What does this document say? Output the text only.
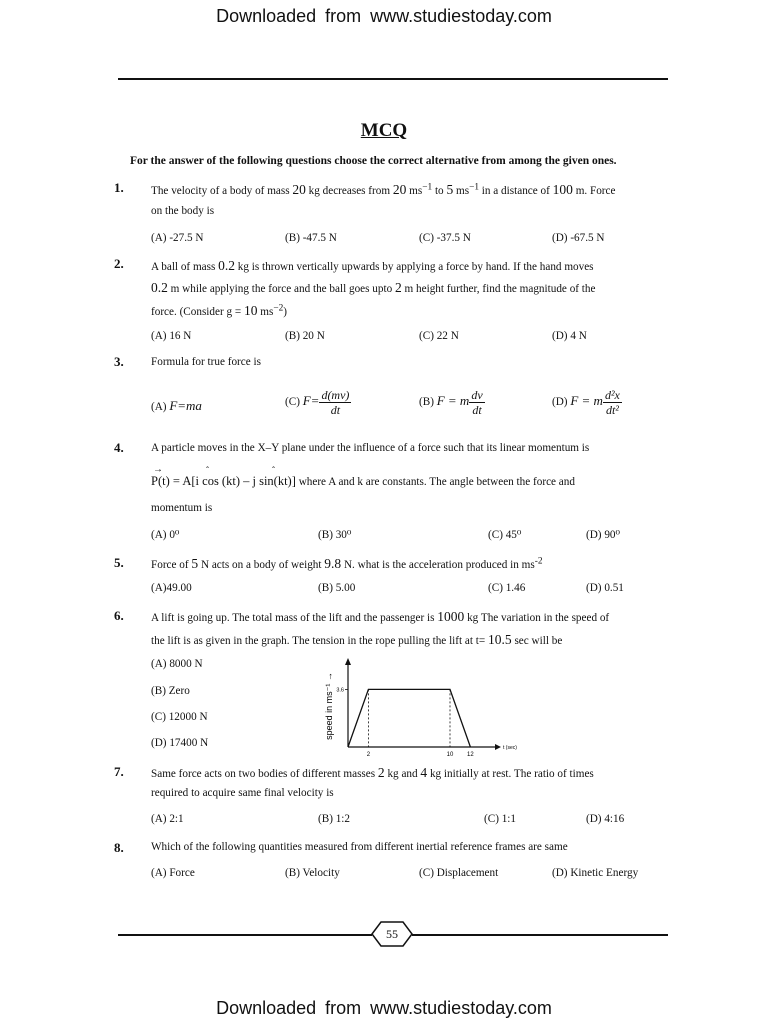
Downloaded from www.studiestoday.com
MCQ
For the answer of the following questions choose the correct alternative from among the given ones.
1.	The velocity of a body of mass 20 kg decreases from 20 $ms^{-1}$ to 5 $ms^{-1}$ in a distance of 100 m. Force
on the body is
(A) -27.5 N	(B) -47.5 N	(C) -37.5 N	(D) -67.5 N
2.	A ball of mass 0.2 kg is thrown vertically upwards by applying a force by hand. If the hand moves
0.2 m while applying the force and the ball goes upto 2 m height further, find the magnitude of the
force. (Consider g = 10 $ms^{-2}$)
(A) 16 N	(B) 20 N	(C) 22 N	(D) 4 N
3.	Formula for true force is
(A) F=ma	(C) $F= \frac{d(mv)}{dt}$	(B) F = m $\frac{dv}{dt}$	(D) F = m $\frac{\text{d²x}}{\text{dt²}}$
4.	A particle moves in the X–Y plane under the influence of a force such that its linear momentum is
P(t) = A[i cos (kt) – j sin(kt)] where A and k are constants. The angle between the force and
→	ˆ	ˆ
momentum is
(A) 0⁰	(B) 30⁰	(C) 45⁰	(D) 90⁰
5.	Force of 5 N acts on a body of weight 9.8 N. what is the acceleration produced in $ms^{-2}$
(A)49.00	(B) 5.00	(C) 1.46	(D) 0.51
6.	A lift is going up. The total mass of the lift and the passenger is 1000 kg The variation in the speed of
the lift is as given in the graph. The tension in the rope pulling the lift at t= 10.5 sec will be
(A) 8000 N
(B) Zero
(C) 12000 N
(D) 17400 N
2	10 12
3.6
t (sec)
speed in ms⁻¹ →
7.	Same force acts on two bodies of different masses 2 kg and 4 kg initially at rest. The ratio of times
required to acquire same final velocity is
(A) 2:1	(B) 1:2	(C) 1:1	(D) 4:16
8.	Which of the following quantities measured from different inertial reference frames are same
(A) Force	(B) Velocity	(C) Displacement	(D) Kinetic Energy
55
Downloaded from www.studiestoday.com
